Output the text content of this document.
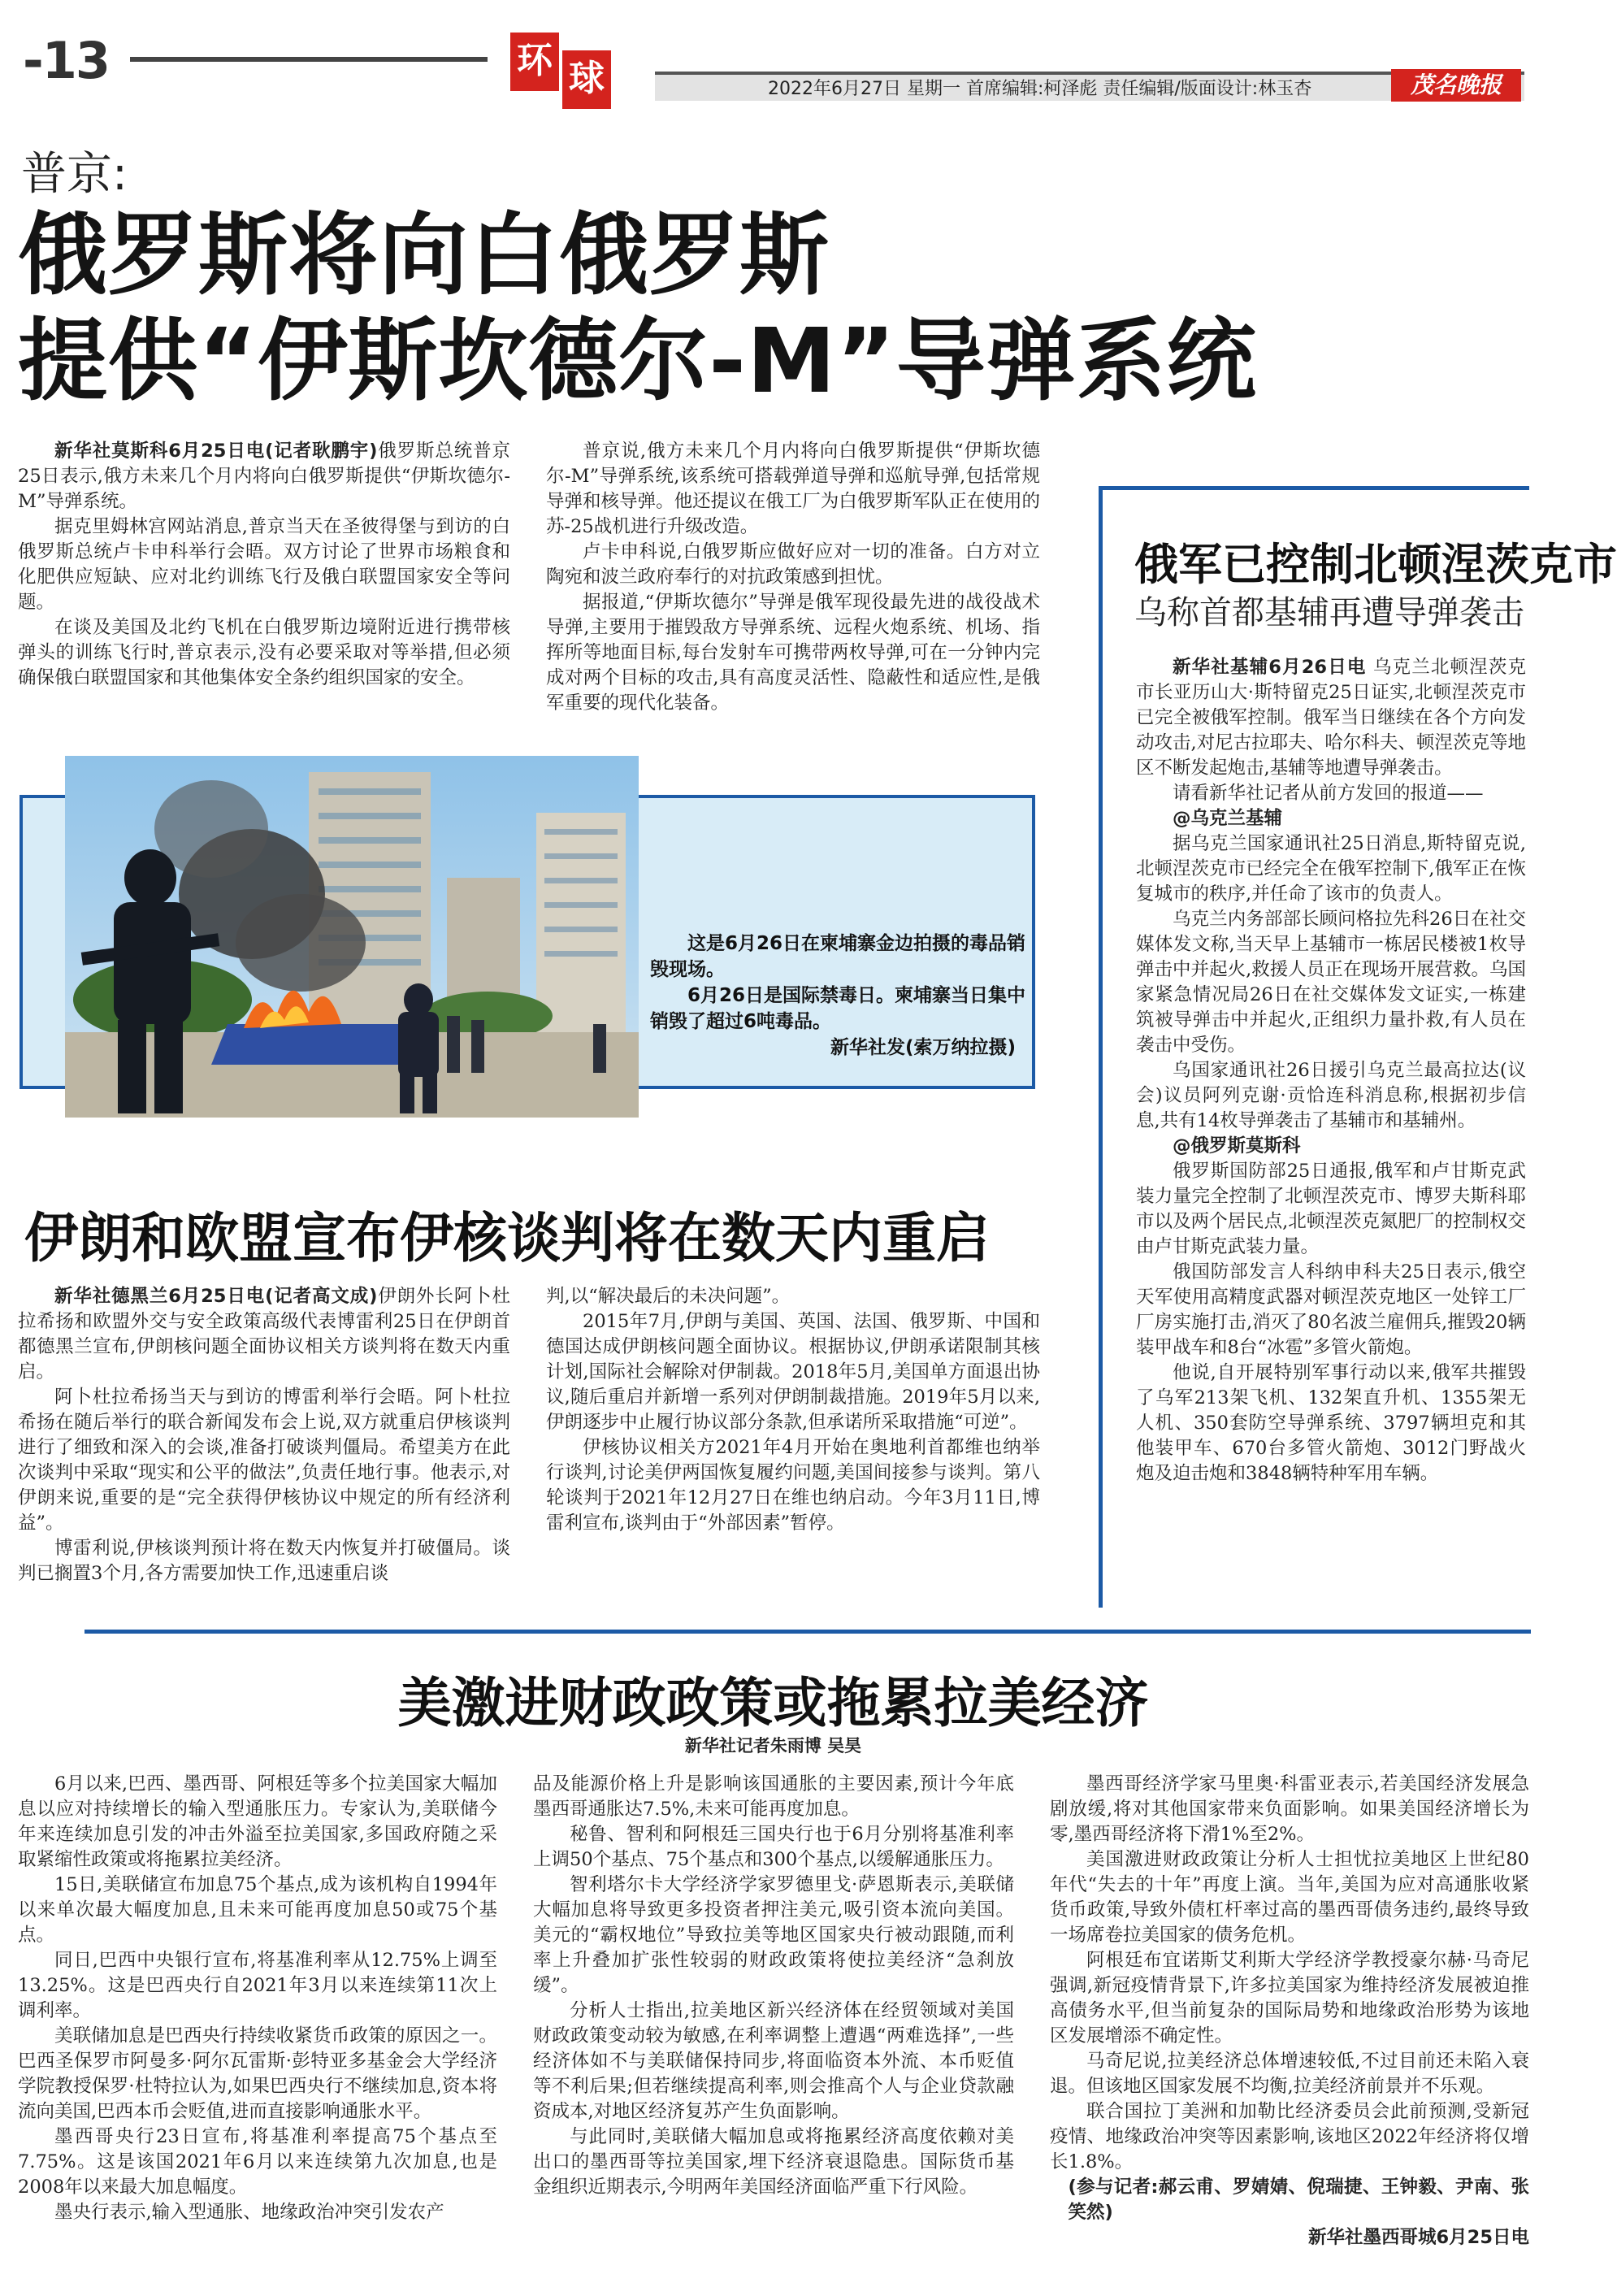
-13	环 球	2022年6月27日 星期一 首席编辑:柯泽彪 责任编辑/版面设计:林玉杏	茂名晚报
普京:
俄罗斯将向白俄罗斯
提供“伊斯坎德尔-M”导弹系统

新华社莫斯科6月25日电(记者耿鹏宇)俄罗斯总统普京25日表示,俄方未来几个月内将向白俄罗斯提供“伊斯坎德尔-M”导弹系统。

据克里姆林宫网站消息,普京当天在圣彼得堡与到访的白俄罗斯总统卢卡申科举行会晤。双方讨论了世界市场粮食和化肥供应短缺、应对北约训练飞行及俄白联盟国家安全等问题。

在谈及美国及北约飞机在白俄罗斯边境附近进行携带核弹头的训练飞行时,普京表示,没有必要采取对等举措,但必须确保俄白联盟国家和其他集体安全条约组织国家的安全。

普京说,俄方未来几个月内将向白俄罗斯提供“伊斯坎德尔-M”导弹系统,该系统可搭载弹道导弹和巡航导弹,包括常规导弹和核导弹。他还提议在俄工厂为白俄罗斯军队正在使用的苏-25战机进行升级改造。

卢卡申科说,白俄罗斯应做好应对一切的准备。白方对立陶宛和波兰政府奉行的对抗政策感到担忧。

据报道,“伊斯坎德尔”导弹是俄军现役最先进的战役战术导弹,主要用于摧毁敌方导弹系统、远程火炮系统、机场、指挥所等地面目标,每台发射车可携带两枚导弹,可在一分钟内完成对两个目标的攻击,具有高度灵活性、隐蔽性和适应性,是俄军重要的现代化装备。

俄军已控制北顿涅茨克市
乌称首都基辅再遭导弹袭击

新华社基辅6月26日电 乌克兰北顿涅茨克市长亚历山大·斯特留克25日证实,北顿涅茨克市已完全被俄军控制。俄军当日继续在各个方向发动攻击,对尼古拉耶夫、哈尔科夫、顿涅茨克等地区不断发起炮击,基辅等地遭导弹袭击。

请看新华社记者从前方发回的报道——

@乌克兰基辅

据乌克兰国家通讯社25日消息,斯特留克说,北顿涅茨克市已经完全在俄军控制下,俄军正在恢复城市的秩序,并任命了该市的负责人。

乌克兰内务部部长顾问格拉先科26日在社交媒体发文称,当天早上基辅市一栋居民楼被1枚导弹击中并起火,救援人员正在现场开展营救。乌国家紧急情况局26日在社交媒体发文证实,一栋建筑被导弹击中并起火,正组织力量扑救,有人员在袭击中受伤。

乌国家通讯社26日援引乌克兰最高拉达(议会)议员阿列克谢·贡恰连科消息称,根据初步信息,共有14枚导弹袭击了基辅市和基辅州。

@俄罗斯莫斯科

俄罗斯国防部25日通报,俄军和卢甘斯克武装力量完全控制了北顿涅茨克市、博罗夫斯科耶市以及两个居民点,北顿涅茨克氮肥厂的控制权交由卢甘斯克武装力量。

俄国防部发言人科纳申科夫25日表示,俄空天军使用高精度武器对顿涅茨克地区一处锌工厂厂房实施打击,消灭了80名波兰雇佣兵,摧毁20辆装甲战车和8台“冰雹”多管火箭炮。

他说,自开展特别军事行动以来,俄军共摧毁了乌军213架飞机、132架直升机、1355架无人机、350套防空导弹系统、3797辆坦克和其他装甲车、670台多管火箭炮、3012门野战火炮及迫击炮和3848辆特种军用车辆。

这是6月26日在柬埔寨金边拍摄的毒品销毁现场。

6月26日是国际禁毒日。柬埔寨当日集中销毁了超过6吨毒品。

新华社发(索万纳拉摄)

伊朗和欧盟宣布伊核谈判将在数天内重启

新华社德黑兰6月25日电(记者高文成)伊朗外长阿卜杜拉希扬和欧盟外交与安全政策高级代表博雷利25日在伊朗首都德黑兰宣布,伊朗核问题全面协议相关方谈判将在数天内重启。

阿卜杜拉希扬当天与到访的博雷利举行会晤。阿卜杜拉希扬在随后举行的联合新闻发布会上说,双方就重启伊核谈判进行了细致和深入的会谈,准备打破谈判僵局。希望美方在此次谈判中采取“现实和公平的做法”,负责任地行事。他表示,对伊朗来说,重要的是“完全获得伊核协议中规定的所有经济利益”。

博雷利说,伊核谈判预计将在数天内恢复并打破僵局。谈判已搁置3个月,各方需要加快工作,迅速重启谈

判,以“解决最后的未决问题”。

2015年7月,伊朗与美国、英国、法国、俄罗斯、中国和德国达成伊朗核问题全面协议。根据协议,伊朗承诺限制其核计划,国际社会解除对伊制裁。2018年5月,美国单方面退出协议,随后重启并新增一系列对伊朗制裁措施。2019年5月以来,伊朗逐步中止履行协议部分条款,但承诺所采取措施“可逆”。

伊核协议相关方2021年4月开始在奥地利首都维也纳举行谈判,讨论美伊两国恢复履约问题,美国间接参与谈判。第八轮谈判于2021年12月27日在维也纳启动。今年3月11日,博雷利宣布,谈判由于“外部因素”暂停。

美激进财政政策或拖累拉美经济
新华社记者朱雨博 吴昊

6月以来,巴西、墨西哥、阿根廷等多个拉美国家大幅加息以应对持续增长的输入型通胀压力。专家认为,美联储今年来连续加息引发的冲击外溢至拉美国家,多国政府随之采取紧缩性政策或将拖累拉美经济。

15日,美联储宣布加息75个基点,成为该机构自1994年以来单次最大幅度加息,且未来可能再度加息50或75个基点。

同日,巴西中央银行宣布,将基准利率从12.75%上调至13.25%。这是巴西央行自2021年3月以来连续第11次上调利率。

美联储加息是巴西央行持续收紧货币政策的原因之一。巴西圣保罗市阿曼多·阿尔瓦雷斯·彭特亚多基金会大学经济学院教授保罗·杜特拉认为,如果巴西央行不继续加息,资本将流向美国,巴西本币会贬值,进而直接影响通胀水平。

墨西哥央行23日宣布,将基准利率提高75个基点至7.75%。这是该国2021年6月以来连续第九次加息,也是2008年以来最大加息幅度。

墨央行表示,输入型通胀、地缘政治冲突引发农产

品及能源价格上升是影响该国通胀的主要因素,预计今年底墨西哥通胀达7.5%,未来可能再度加息。

秘鲁、智利和阿根廷三国央行也于6月分别将基准利率上调50个基点、75个基点和300个基点,以缓解通胀压力。

智利塔尔卡大学经济学家罗德里戈·萨恩斯表示,美联储大幅加息将导致更多投资者押注美元,吸引资本流向美国。美元的“霸权地位”导致拉美等地区国家央行被动跟随,而利率上升叠加扩张性较弱的财政政策将使拉美经济“急刹放缓”。

分析人士指出,拉美地区新兴经济体在经贸领域对美国财政政策变动较为敏感,在利率调整上遭遇“两难选择”,一些经济体如不与美联储保持同步,将面临资本外流、本币贬值等不利后果;但若继续提高利率,则会推高个人与企业贷款融资成本,对地区经济复苏产生负面影响。

与此同时,美联储大幅加息或将拖累经济高度依赖对美出口的墨西哥等拉美国家,埋下经济衰退隐患。国际货币基金组织近期表示,今明两年美国经济面临严重下行风险。

墨西哥经济学家马里奥·科雷亚表示,若美国经济发展急剧放缓,将对其他国家带来负面影响。如果美国经济增长为零,墨西哥经济将下滑1%至2%。

美国激进财政政策让分析人士担忧拉美地区上世纪80年代“失去的十年”再度上演。当年,美国为应对高通胀收紧货币政策,导致外债杠杆率过高的墨西哥债务违约,最终导致一场席卷拉美国家的债务危机。

阿根廷布宜诺斯艾利斯大学经济学教授豪尔赫·马奇尼强调,新冠疫情背景下,许多拉美国家为维持经济发展被迫推高债务水平,但当前复杂的国际局势和地缘政治形势为该地区发展增添不确定性。

马奇尼说,拉美经济总体增速较低,不过目前还未陷入衰退。但该地区国家发展不均衡,拉美经济前景并不乐观。

联合国拉丁美洲和加勒比经济委员会此前预测,受新冠疫情、地缘政治冲突等因素影响,该地区2022年经济将仅增长1.8%。

(参与记者:郝云甫、罗婧婧、倪瑞捷、王钟毅、尹南、张笑然)

新华社墨西哥城6月25日电
